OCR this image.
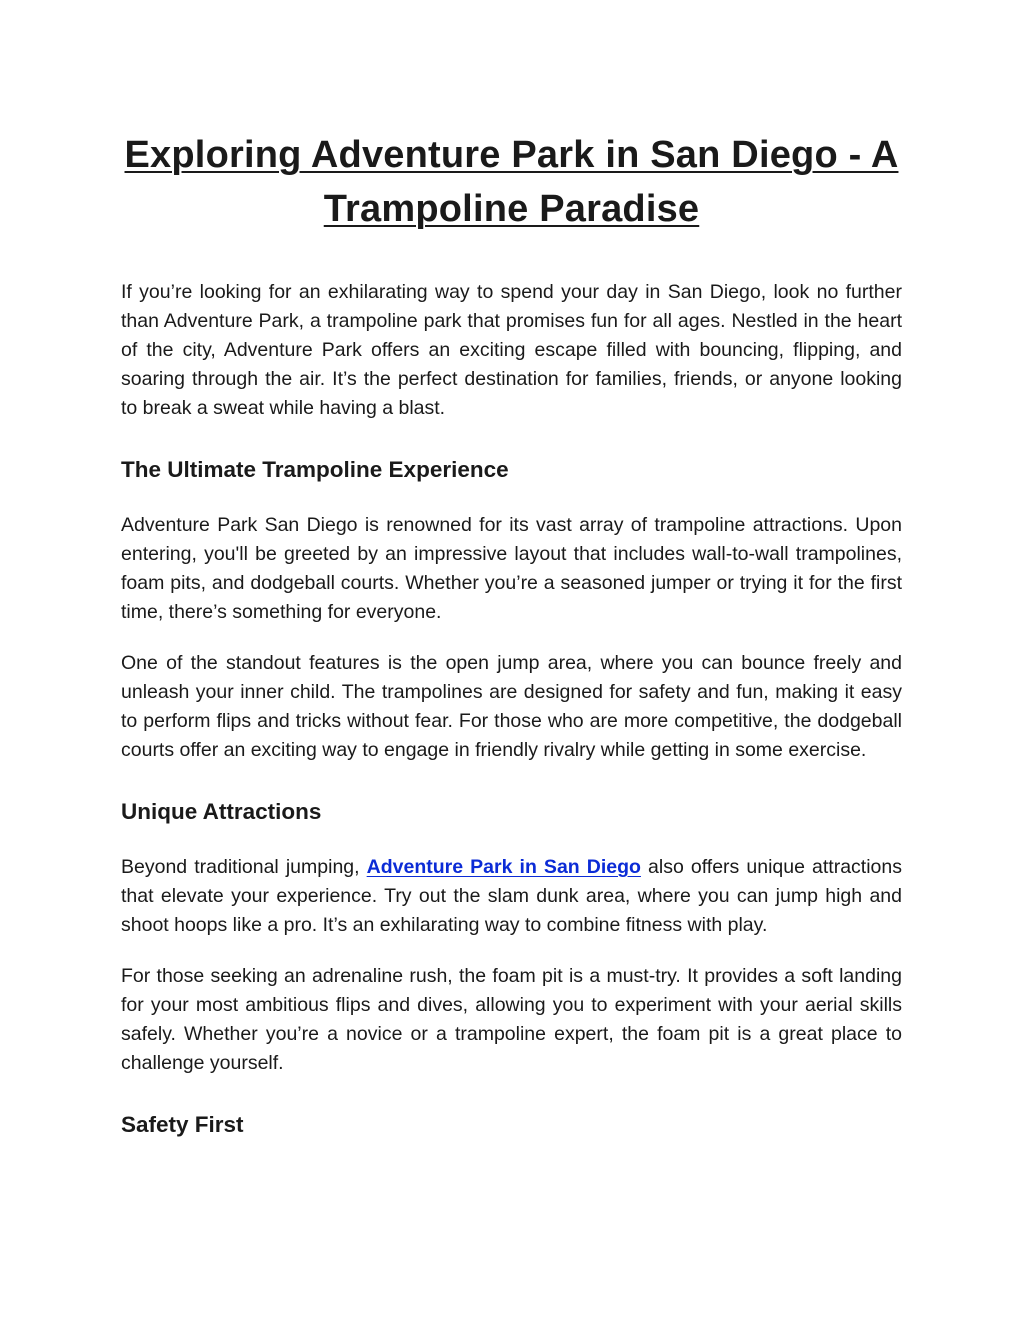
Exploring Adventure Park in San Diego - A Trampoline Paradise

If you’re looking for an exhilarating way to spend your day in San Diego, look no further than Adventure Park, a trampoline park that promises fun for all ages. Nestled in the heart of the city, Adventure Park offers an exciting escape filled with bouncing, flipping, and soaring through the air. It’s the perfect destination for families, friends, or anyone looking to break a sweat while having a blast.

The Ultimate Trampoline Experience

Adventure Park San Diego is renowned for its vast array of trampoline attractions. Upon entering, you'll be greeted by an impressive layout that includes wall-to-wall trampolines, foam pits, and dodgeball courts. Whether you’re a seasoned jumper or trying it for the first time, there’s something for everyone.

One of the standout features is the open jump area, where you can bounce freely and unleash your inner child. The trampolines are designed for safety and fun, making it easy to perform flips and tricks without fear. For those who are more competitive, the dodgeball courts offer an exciting way to engage in friendly rivalry while getting in some exercise.

Unique Attractions

Beyond traditional jumping, Adventure Park in San Diego also offers unique attractions that elevate your experience. Try out the slam dunk area, where you can jump high and shoot hoops like a pro. It’s an exhilarating way to combine fitness with play.

For those seeking an adrenaline rush, the foam pit is a must-try. It provides a soft landing for your most ambitious flips and dives, allowing you to experiment with your aerial skills safely. Whether you’re a novice or a trampoline expert, the foam pit is a great place to challenge yourself.

Safety First
